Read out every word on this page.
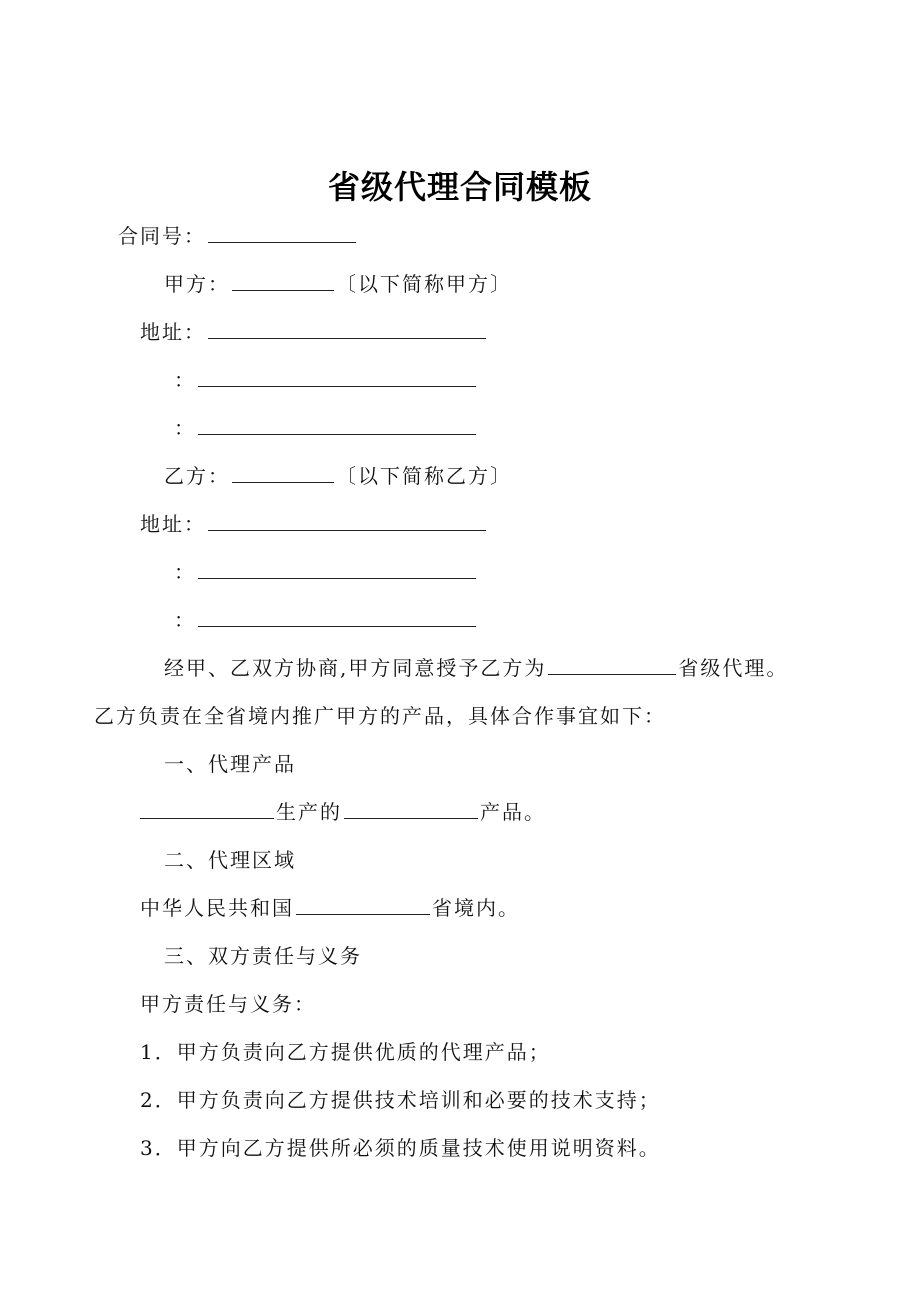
省级代理合同模板
合同号：
甲方：	〔以下简称甲方〕
地址：
：
：
乙方：	〔以下简称乙方〕
地址：
：
：
经甲、乙双方协商,甲方同意授予乙方为	省级代理。
乙方负责在全省境内推广甲方的产品，具体合作事宜如下：
一、代理产品
生产的	产品。
二、代理区域
中华人民共和国	省境内。
三、双方责任与义务
甲方责任与义务：
1．甲方负责向乙方提供优质的代理产品；
2．甲方负责向乙方提供技术培训和必要的技术支持；
3．甲方向乙方提供所必须的质量技术使用说明资料。
